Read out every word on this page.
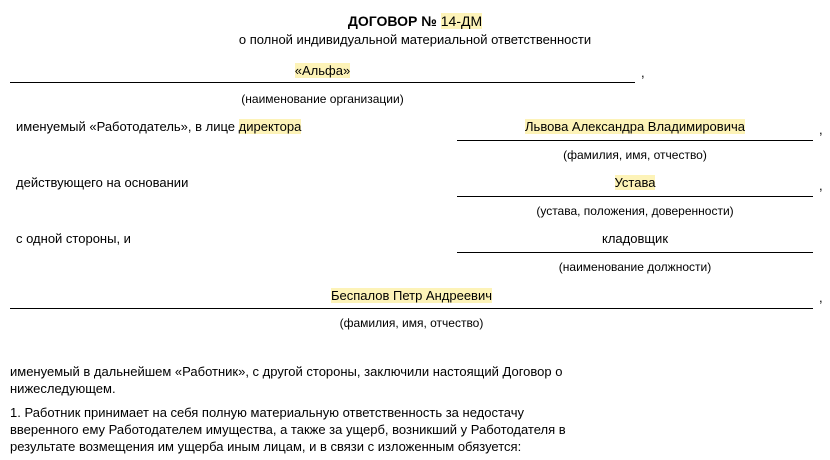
ДОГОВОР № 14-ДМ
о полной индивидуальной материальной ответственности
«Альфа»	,
(наименование организации)
именуемый «Работодатель», в лице директора	Львова Александра Владимировича	,
(фамилия, имя, отчество)
действующего на основании	Устава	,
(устава, положения, доверенности)
с одной стороны, и	кладовщик
(наименование должности)
Беспалов Петр Андреевич	,
(фамилия, имя, отчество)
именуемый в дальнейшем «Работник», с другой стороны, заключили настоящий Договор о нижеследующем.
1. Работник принимает на себя полную материальную ответственность за недостачу вверенного ему Работодателем имущества, а также за ущерб, возникший у Работодателя в результате возмещения им ущерба иным лицам, и в связи с изложенным обязуется:
